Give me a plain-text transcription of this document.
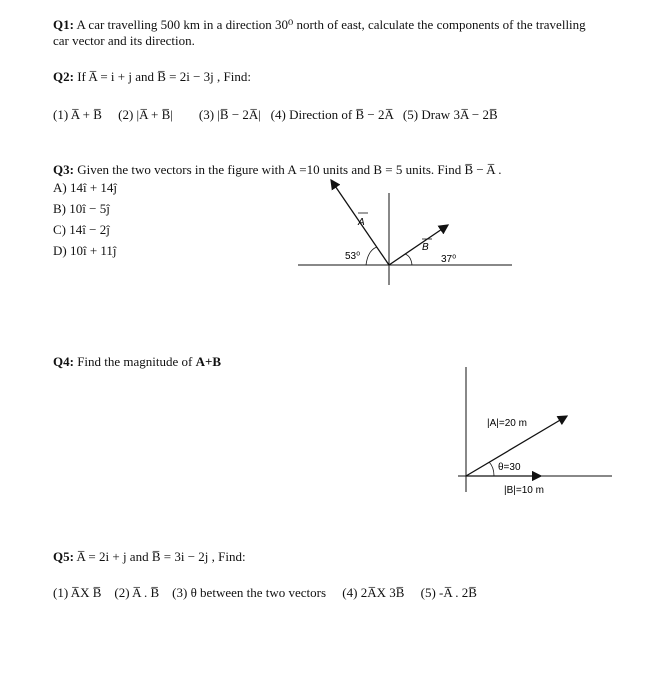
Q1: A car travelling 500 km in a direction 30⁰ north of east, calculate the components of the travelling car vector and its direction.
Q2: If A̅ = i + j and B̅ = 2i − 3j , Find:
(1) A̅ + B̅     (2) |A̅ + B̅|        (3) |B̅ − 2A̅|   (4) Direction of B̅ − 2A̅   (5) Draw 3A̅ − 2B̅
Q3: Given the two vectors in the figure with A =10 units and B = 5 units. Find B̅ − A̅ .
A) 14î + 14ĵ
B) 10î − 5ĵ
C) 14î − 2ĵ
D) 10î + 11ĵ
A
B
53⁰	37⁰
Q4: Find the magnitude of A+B
|A|=20 m
θ=30
|B|=10 m
Q5: A̅ = 2i + j and B̅ = 3i − 2j , Find:
(1) A̅X B̅    (2) A̅ . B̅    (3) θ between the two vectors     (4) 2A̅X 3B̅     (5) -A̅ . 2B̅
